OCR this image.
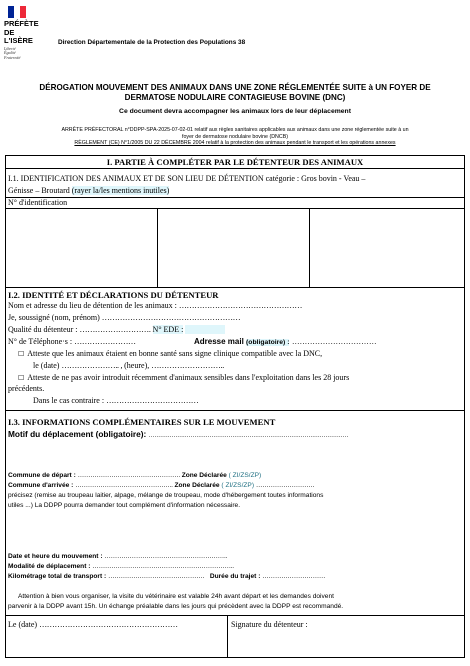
PRÉFÈTE
DE
L'ISÈRE
Liberté
Égalité
Fraternité
Direction Départementale de la Protection des Populations 38
DÉROGATION MOUVEMENT DES ANIMAUX DANS UNE ZONE RÉGLEMENTÉE SUITE à UN FOYER DE
DERMATOSE NODULAIRE CONTAGIEUSE BOVINE (DNC)
Ce document devra accompagner les animaux lors de leur déplacement
ARRÊTE PRÉFECTORAL n°DDPP-SPA-2025-07-02-01 relatif aux règles sanitaires applicables aux animaux dans une zone réglementée suite à un
foyer de dermatose nodulaire bovine (DNCB)
RÈGLEMENT (CE) N°1/2005 DU 22 DÉCEMBRE 2004 relatif à la protection des animaux pendant le transport et les opérations annexes
I. PARTIE À COMPLÉTER PAR LE DÉTENTEUR DES ANIMAUX
I.1. IDENTIFICATION DES ANIMAUX ET DE SON LIEU DE DÉTENTION catégorie : Gros bovin - Veau –
Génisse – Broutard (rayer la/les mentions inutiles)
N° d'identification
I.2. IDENTITÉ ET DÉCLARATIONS DU DÉTENTEUR
Nom et adresse du lieu de détention de les animaux : …………………………………………
Je, soussigné (nom, prénom) ………………………………………………
Qualité du détenteur : ………………………. N° EDE :
N° de Téléphone·s : ……………………	Adresse mail (obligatoire) : ……………………………
☐ Atteste que les animaux étaient en bonne santé sans signe clinique compatible avec la DNC,
le (date) ………………….. , (heure), ………………………..
☐ Atteste de ne pas avoir introduit récemment d'animaux sensibles dans l'exploitation dans les 28 jours
précédents.
Dans le cas contraire : ………………………………
I.3. INFORMATIONS COMPLÉMENTAIRES SUR LE MOUVEMENT
Motif du déplacement (obligatoire): ……………………………………………………………………………………………
Commune de départ : …………………………………………. Zone Déclarée ( ZI/ZS/ZP)
Commune d'arrivée : ……………………………………….. Zone Déclarée ( ZI/ZS/ZP) ……………………….
précisez (remise au troupeau laitier, alpage, mélange de troupeau, mode d'hébergement toutes informations
utiles ...) La DDPP pourra demander tout complément d'information nécessaire.
Date et heure du mouvement : …………………………………………………..
Modalité de déplacement : …………………………………………………………..
Kilométrage total de transport : ………………………………………. Durée du trajet : …………………………
Attention à bien vous organiser, la visite du vétérinaire est valable 24h avant départ et les demandes doivent
parvenir à la DDPP avant 15h. Un échange préalable dans les jours qui précèdent avec la DDPP est recommandé.
Le (date) ………………………………………………	Signature du détenteur :
